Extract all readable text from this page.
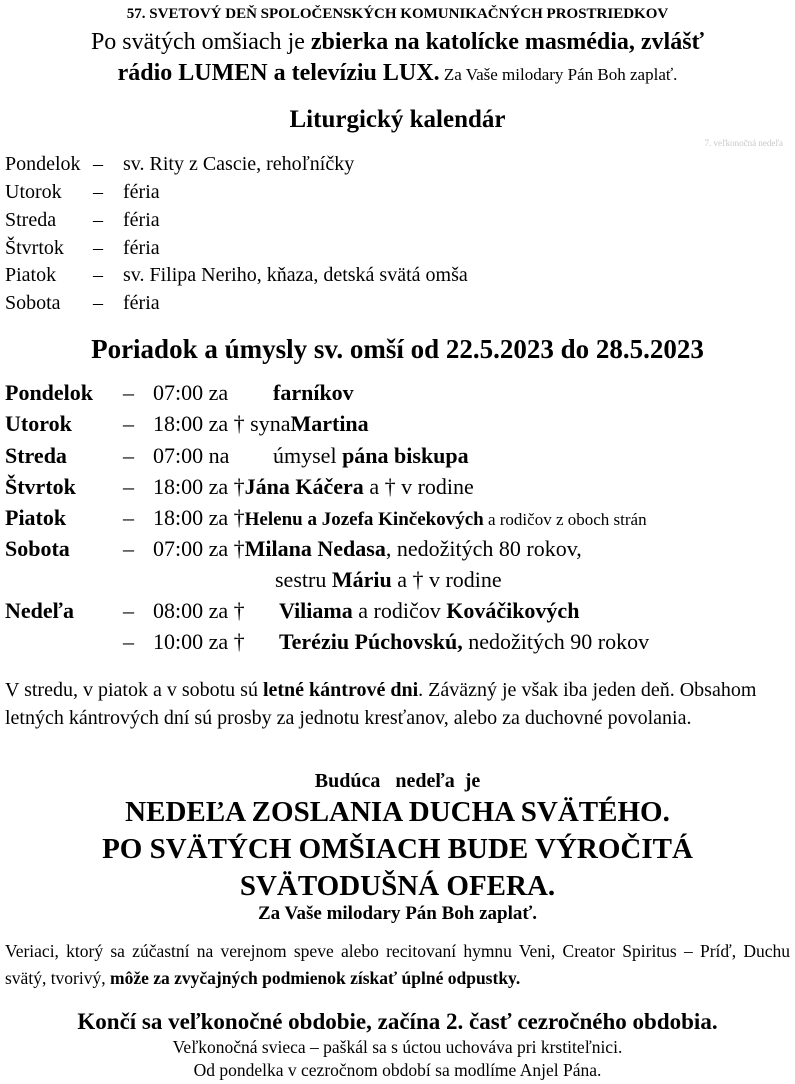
57. SVETOVÝ DEŇ SPOLOČENSKÝCH KOMUNIKAČNÝCH PROSTRIEDKOV
Po svätých omšiach je zbierka na katolícke masmédia, zvlášť
rádio LUMEN a televíziu LUX. Za Vaše milodary Pán Boh zaplať.
Liturgický kalendár
7. veľkonočná nedeľa
Pondelok – sv. Rity z Cascie, rehoľníčky
Utorok – féria
Streda – féria
Štvrtok – féria
Piatok – sv. Filipa Neriho, kňaza, detská svätá omša
Sobota – féria
Poriadok a úmysly sv. omší od 22.5.2023 do 28.5.2023
Pondelok – 07:00 za farníkov
Utorok – 18:00 za † synaMartina
Streda	– 07:00 na úmysel pána biskupa
Štvrtok – 18:00 za †Jána Káčera a † v rodine
Piatok	– 18:00 za †Helenu a Jozefa Kinčekových a rodičov z oboch strán
Sobota – 07:00 za †Milana Nedasa, nedožitých 80 rokov,
sestru Máriu a † v rodine
Nedeľa – 08:00 za †Viliama a rodičov Kováčikových
– 10:00 za †Teréziu Púchovskú, nedožitých 90 rokov
V stredu, v piatok a v sobotu sú letné kántrové dni. Záväzný je však iba jeden deň. Obsahom letných kántrových dní sú prosby za jednotu kresťanov, alebo za duchovné povolania.
Budúca   nedeľa  je
NEDEĽA ZOSLANIA DUCHA SVÄTÉHO.
PO SVÄTÝCH OMŠIACH BUDE VÝROČITÁ
SVÄTODUŠNÁ OFERA.
Za Vaše milodary Pán Boh zaplať.
Veriaci, ktorý sa zúčastní na verejnom speve alebo recitovaní hymnu Veni, Creator Spiritus – Príď, Duchu svätý, tvorivý, môže za zvyčajných podmienok získať úplné odpustky.
Končí sa veľkonočné obdobie, začína 2. časť cezročného obdobia.
Veľkonočná svieca – paškál sa s úctou uchováva pri krstiteľnici.
Od pondelka v cezročnom období sa modlíme Anjel Pána.
